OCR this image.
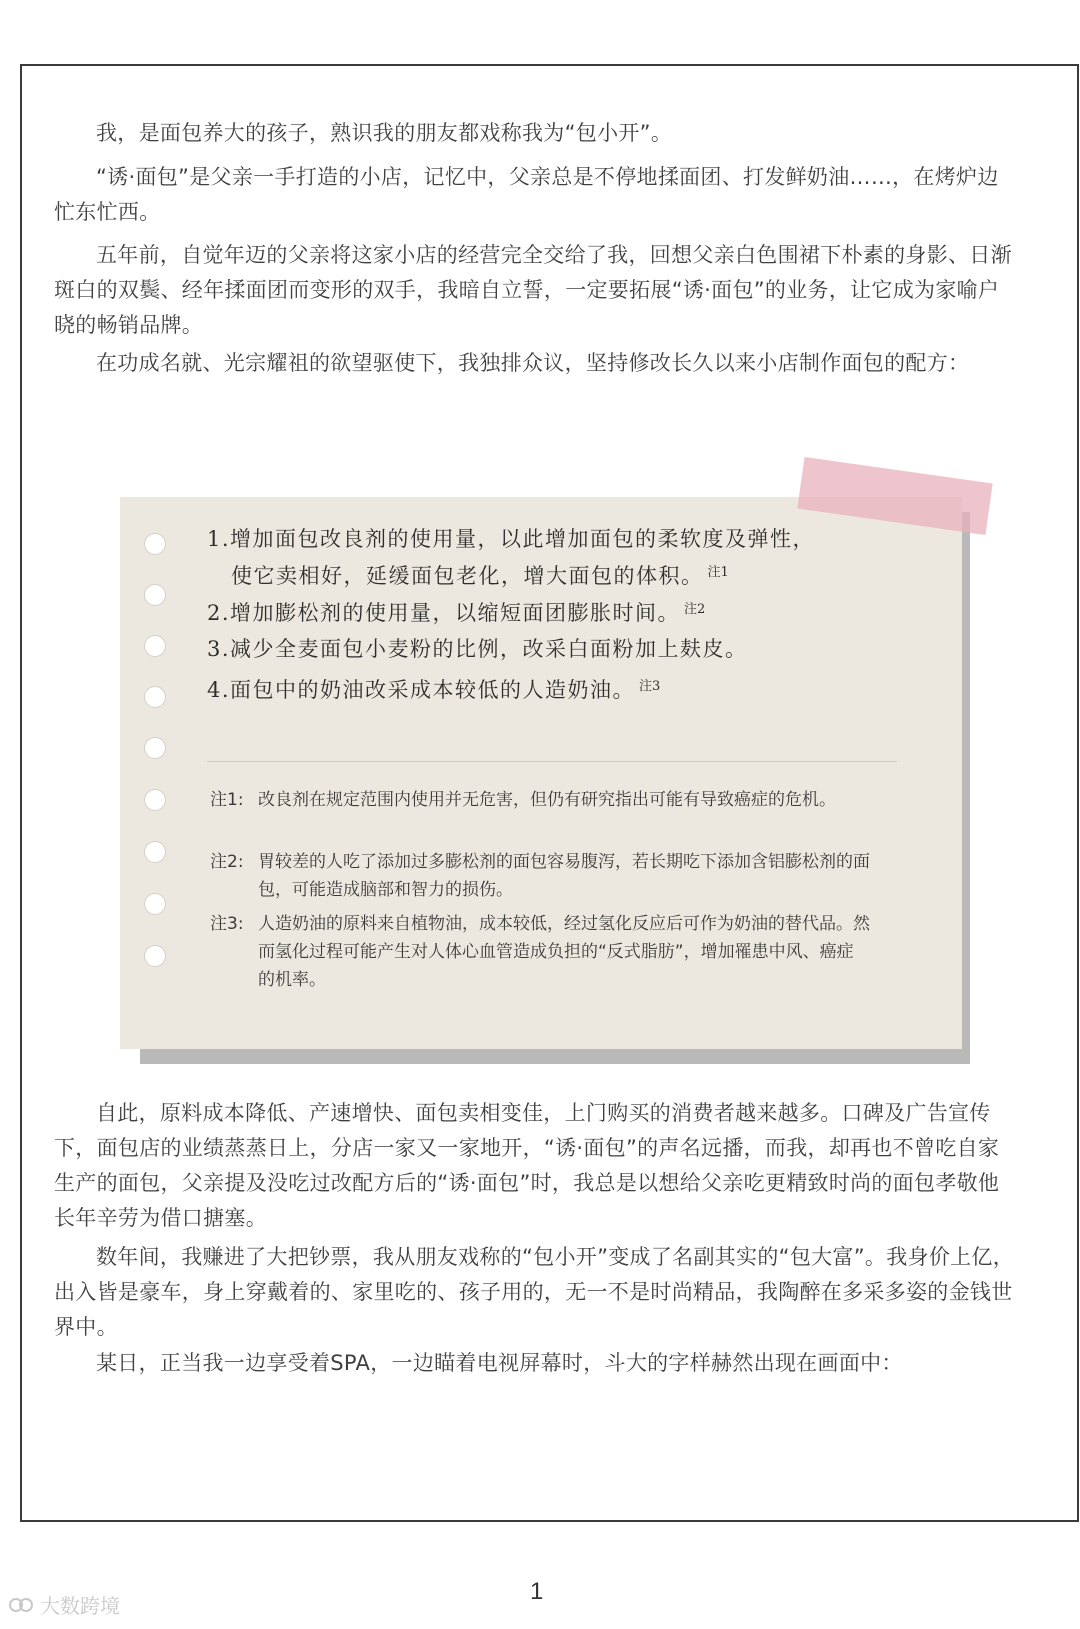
我，是面包养大的孩子，熟识我的朋友都戏称我为“包小开”。

“诱·面包”是父亲一手打造的小店，记忆中，父亲总是不停地揉面团、打发鲜奶油……，在烤炉边忙东忙西。

五年前，自觉年迈的父亲将这家小店的经营完全交给了我，回想父亲白色围裙下朴素的身影、日渐斑白的双鬓、经年揉面团而变形的双手，我暗自立誓，一定要拓展“诱·面包”的业务，让它成为家喻户晓的畅销品牌。

在功成名就、光宗耀祖的欲望驱使下，我独排众议，坚持修改长久以来小店制作面包的配方：

1.增加面包改良剂的使用量，以此增加面包的柔软度及弹性，
使它卖相好，延缓面包老化，增大面包的体积。 $^{注1}$

2.增加膨松剂的使用量，以缩短面团膨胀时间。 $^{注2}$

3.减少全麦面包小麦粉的比例，改采白面粉加上麸皮。

4.面包中的奶油改采成本较低的人造奶油。 $^{注3}$

注1: 改良剂在规定范围内使用并无危害，但仍有研究指出可能有导致癌症的危机。

注2: 胃较差的人吃了添加过多膨松剂的面包容易腹泻，若长期吃下添加含铝膨松剂的面包，可能造成脑部和智力的损伤。

注3: 人造奶油的原料来自植物油，成本较低，经过氢化反应后可作为奶油的替代品。然而氢化过程可能产生对人体心血管造成负担的“反式脂肪”，增加罹患中风、癌症的机率。

自此，原料成本降低、产速增快、面包卖相变佳，上门购买的消费者越来越多。口碑及广告宣传下，面包店的业绩蒸蒸日上，分店一家又一家地开，“诱·面包”的声名远播，而我，却再也不曾吃自家生产的面包，父亲提及没吃过改配方后的“诱·面包”时，我总是以想给父亲吃更精致时尚的面包孝敬他长年辛劳为借口搪塞。

数年间，我赚进了大把钞票，我从朋友戏称的“包小开”变成了名副其实的“包大富”。我身价上亿，出入皆是豪车，身上穿戴着的、家里吃的、孩子用的，无一不是时尚精品，我陶醉在多采多姿的金钱世界中。

某日，正当我一边享受着SPA，一边瞄着电视屏幕时，斗大的字样赫然出现在画面中：

1
大数跨境
